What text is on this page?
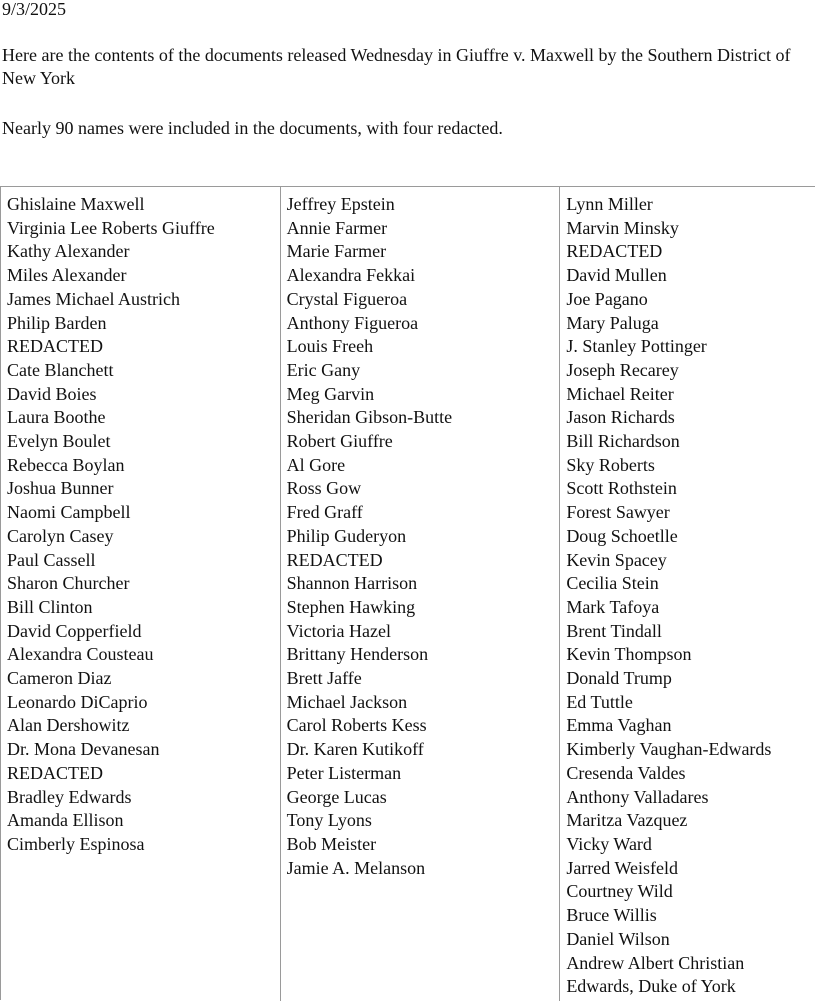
9/3/2025
Here are the contents of the documents released Wednesday in Giuffre v. Maxwell by the Southern District of New York
Nearly 90 names were included in the documents, with four redacted.
Ghislaine Maxwell
Virginia Lee Roberts Giuffre
Kathy Alexander
Miles Alexander
James Michael Austrich
Philip Barden
REDACTED
Cate Blanchett
David Boies
Laura Boothe
Evelyn Boulet
Rebecca Boylan
Joshua Bunner
Naomi Campbell
Carolyn Casey
Paul Cassell
Sharon Churcher
Bill Clinton
David Copperfield
Alexandra Cousteau
Cameron Diaz
Leonardo DiCaprio
Alan Dershowitz
Dr. Mona Devanesan
REDACTED
Bradley Edwards
Amanda Ellison
Cimberly Espinosa
Jeffrey Epstein
Annie Farmer
Marie Farmer
Alexandra Fekkai
Crystal Figueroa
Anthony Figueroa
Louis Freeh
Eric Gany
Meg Garvin
Sheridan Gibson-Butte
Robert Giuffre
Al Gore
Ross Gow
Fred Graff
Philip Guderyon
REDACTED
Shannon Harrison
Stephen Hawking
Victoria Hazel
Brittany Henderson
Brett Jaffe
Michael Jackson
Carol Roberts Kess
Dr. Karen Kutikoff
Peter Listerman
George Lucas
Tony Lyons
Bob Meister
Jamie A. Melanson
Lynn Miller
Marvin Minsky
REDACTED
David Mullen
Joe Pagano
Mary Paluga
J. Stanley Pottinger
Joseph Recarey
Michael Reiter
Jason Richards
Bill Richardson
Sky Roberts
Scott Rothstein
Forest Sawyer
Doug Schoetlle
Kevin Spacey
Cecilia Stein
Mark Tafoya
Brent Tindall
Kevin Thompson
Donald Trump
Ed Tuttle
Emma Vaghan
Kimberly Vaughan-Edwards
Cresenda Valdes
Anthony Valladares
Maritza Vazquez
Vicky Ward
Jarred Weisfeld
Courtney Wild
Bruce Willis
Daniel Wilson
Andrew Albert Christian
Edwards, Duke of York
